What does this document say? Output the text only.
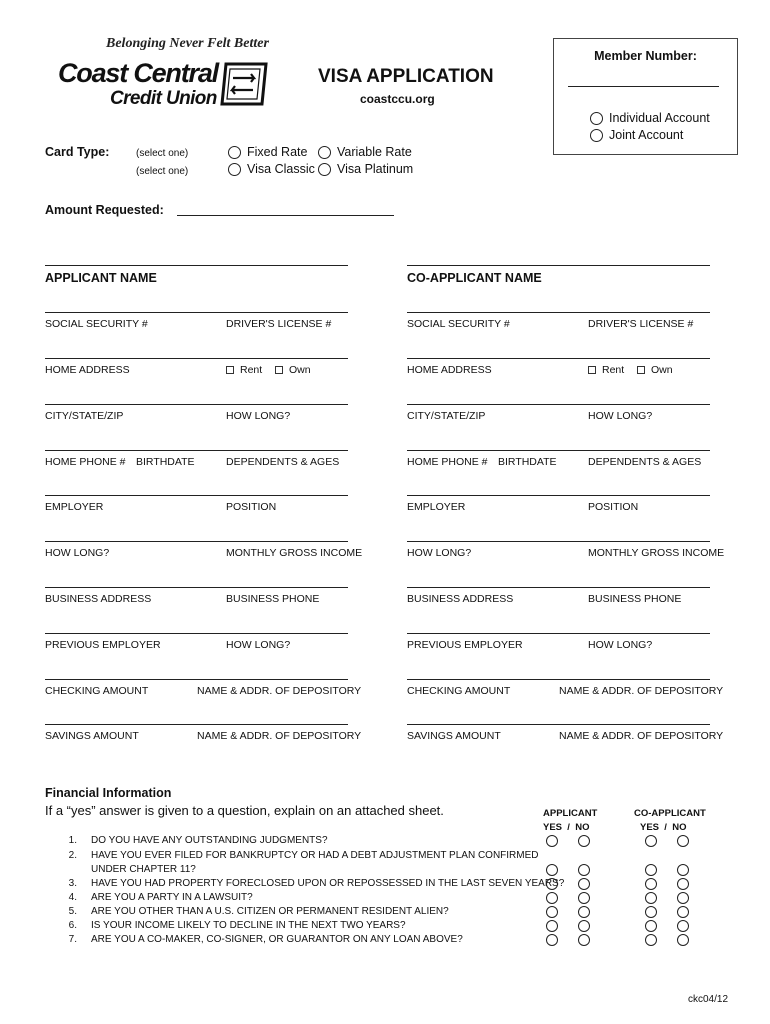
Belonging Never Felt Better
Coast Central
Credit Union
VISA APPLICATION
coastccu.org
Member Number:
Individual Account
Joint Account
Card Type:	(select one)
(select one)
Fixed Rate Variable Rate
Visa Classic Visa Platinum
Amount Requested:
APPLICANT NAME
SOCIAL SECURITY #	DRIVER'S LICENSE #
HOME ADDRESS	Rent	Own
CITY/STATE/ZIP	HOW LONG?
HOME PHONE # BIRTHDATE	DEPENDENTS & AGES
EMPLOYER	POSITION
HOW LONG?	MONTHLY GROSS INCOME
BUSINESS ADDRESS	BUSINESS PHONE
PREVIOUS EMPLOYER	HOW LONG?
CHECKING AMOUNT	NAME & ADDR. OF DEPOSITORY
SAVINGS AMOUNT	NAME & ADDR. OF DEPOSITORY
CO-APPLICANT NAME
SOCIAL SECURITY #	DRIVER'S LICENSE #
HOME ADDRESS	Rent	Own
CITY/STATE/ZIP	HOW LONG?
HOME PHONE # BIRTHDATE	DEPENDENTS & AGES
EMPLOYER	POSITION
HOW LONG?	MONTHLY GROSS INCOME
BUSINESS ADDRESS	BUSINESS PHONE
PREVIOUS EMPLOYER	HOW LONG?
CHECKING AMOUNT	NAME & ADDR. OF DEPOSITORY
SAVINGS AMOUNT	NAME & ADDR. OF DEPOSITORY
Financial Information
If a “yes” answer is given to a question, explain on an attached sheet.	APPLICANT
YES  /  NO
CO-APPLICANT
YES  /  NO
1. DO YOU HAVE ANY OUTSTANDING JUDGMENTS?
2. HAVE YOU EVER FILED FOR BANKRUPTCY OR HAD A DEBT ADJUSTMENT PLAN CONFIRMED
UNDER CHAPTER 11?
3. HAVE YOU HAD PROPERTY FORECLOSED UPON OR REPOSSESSED IN THE LAST SEVEN YEARS?
4. ARE YOU A PARTY IN A LAWSUIT?
5. ARE YOU OTHER THAN A U.S. CITIZEN OR PERMANENT RESIDENT ALIEN?
6. IS YOUR INCOME LIKELY TO DECLINE IN THE NEXT TWO YEARS?
7. ARE YOU A CO-MAKER, CO-SIGNER, OR GUARANTOR ON ANY LOAN ABOVE?
ckc04/12
